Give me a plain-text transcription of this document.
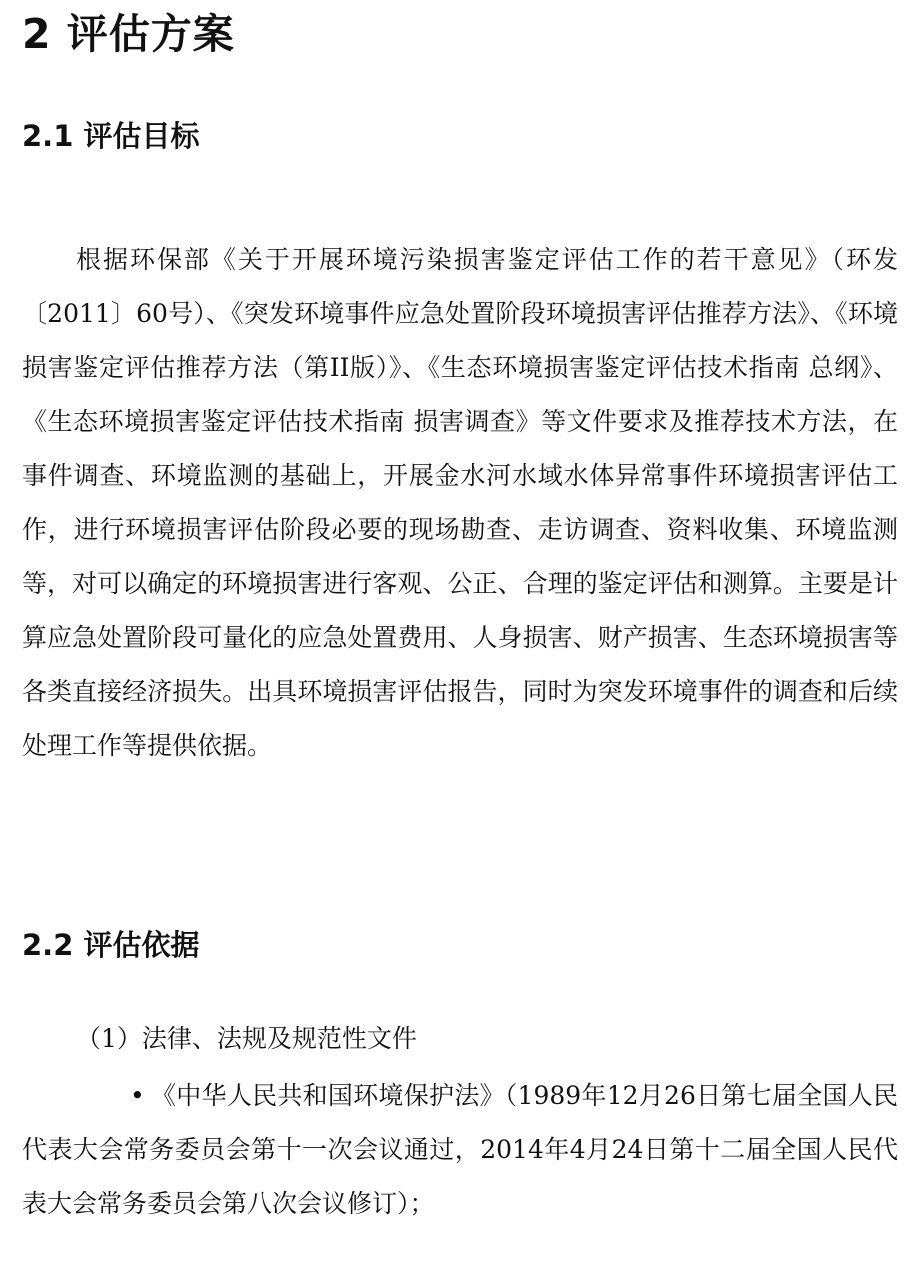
2 评估方案
2.1 评估目标

根据环保部《关于开展环境污染损害鉴定评估工作的若干意见》（环发〔2011〕60号）、《突发环境事件应急处置阶段环境损害评估推荐方法》、《环境损害鉴定评估推荐方法（第II版）》、《生态环境损害鉴定评估技术指南 总纲》、《生态环境损害鉴定评估技术指南 损害调查》等文件要求及推荐技术方法，在事件调查、环境监测的基础上，开展金水河水域水体异常事件环境损害评估工作，进行环境损害评估阶段必要的现场勘查、走访调查、资料收集、环境监测等，对可以确定的环境损害进行客观、公正、合理的鉴定评估和测算。主要是计算应急处置阶段可量化的应急处置费用、人身损害、财产损害、生态环境损害等各类直接经济损失。出具环境损害评估报告，同时为突发环境事件的调查和后续处理工作等提供依据。

2.2 评估依据

（1）法律、法规及规范性文件

• 《中华人民共和国环境保护法》（1989年12月26日第七届全国人民代表大会常务委员会第十一次会议通过，2014年4月24日第十二届全国人民代表大会常务委员会第八次会议修订）；
